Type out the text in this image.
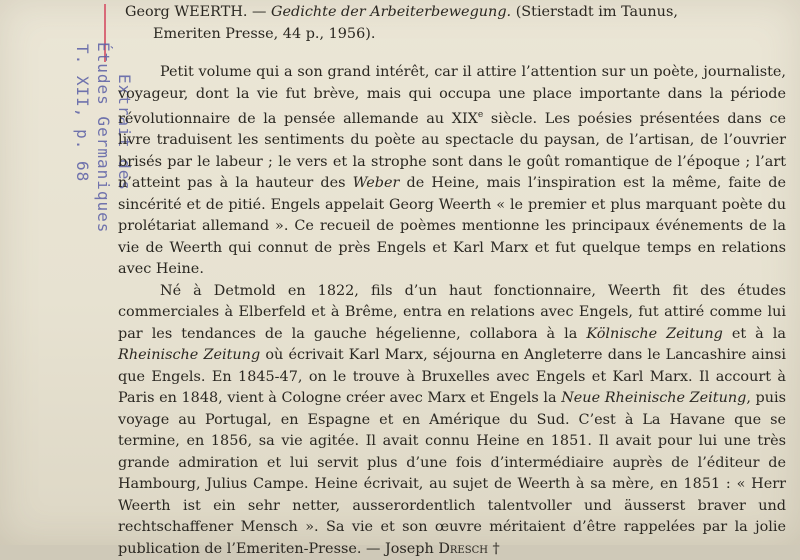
Extrait des
Études Germaniques
T. XII, p. 68

Georg WEERTH. — Gedichte der Arbeiterbewegung. (Stierstadt im Taunus,
Emeriten Presse, 44 p., 1956).

Petit volume qui a son grand intérêt, car il attire l’attention sur un poète, journaliste, voyageur, dont la vie fut brève, mais qui occupa une place importante dans la période révolutionnaire de la pensée allemande au XIXe siècle. Les poésies présentées dans ce livre traduisent les sentiments du poète au spectacle du paysan, de l’artisan, de l’ouvrier brisés par le labeur ; le vers et la strophe sont dans le goût romantique de l’époque ; l’art n’atteint pas à la hauteur des Weber de Heine, mais l’inspiration est la même, faite de sincérité et de pitié. Engels appelait Georg Weerth « le premier et plus marquant poète du prolétariat allemand ». Ce recueil de poèmes mentionne les principaux événements de la vie de Weerth qui connut de près Engels et Karl Marx et fut quelque temps en relations avec Heine.

Né à Detmold en 1822, fils d’un haut fonctionnaire, Weerth fit des études commerciales à Elberfeld et à Brême, entra en relations avec Engels, fut attiré comme lui par les tendances de la gauche hégelienne, collabora à la Kölnische Zeitung et à la Rheinische Zeitung où écrivait Karl Marx, séjourna en Angleterre dans le Lancashire ainsi que Engels. En 1845-47, on le trouve à Bruxelles avec Engels et Karl Marx. Il accourt à Paris en 1848, vient à Cologne créer avec Marx et Engels la Neue Rheinische Zeitung, puis voyage au Portugal, en Espagne et en Amérique du Sud. C’est à La Havane que se termine, en 1856, sa vie agitée. Il avait connu Heine en 1851. Il avait pour lui une très grande admiration et lui servit plus d’une fois d’intermédiaire auprès de l’éditeur de Hambourg, Julius Campe. Heine écrivait, au sujet de Weerth à sa mère, en 1851 : « Herr Weerth ist ein sehr netter, ausserordentlich talentvoller und äusserst braver und rechtschaffener Mensch ». Sa vie et son œuvre méritaient d’être rappelées par la jolie publication de l’Emeriten-Presse. — Joseph Dresch †
